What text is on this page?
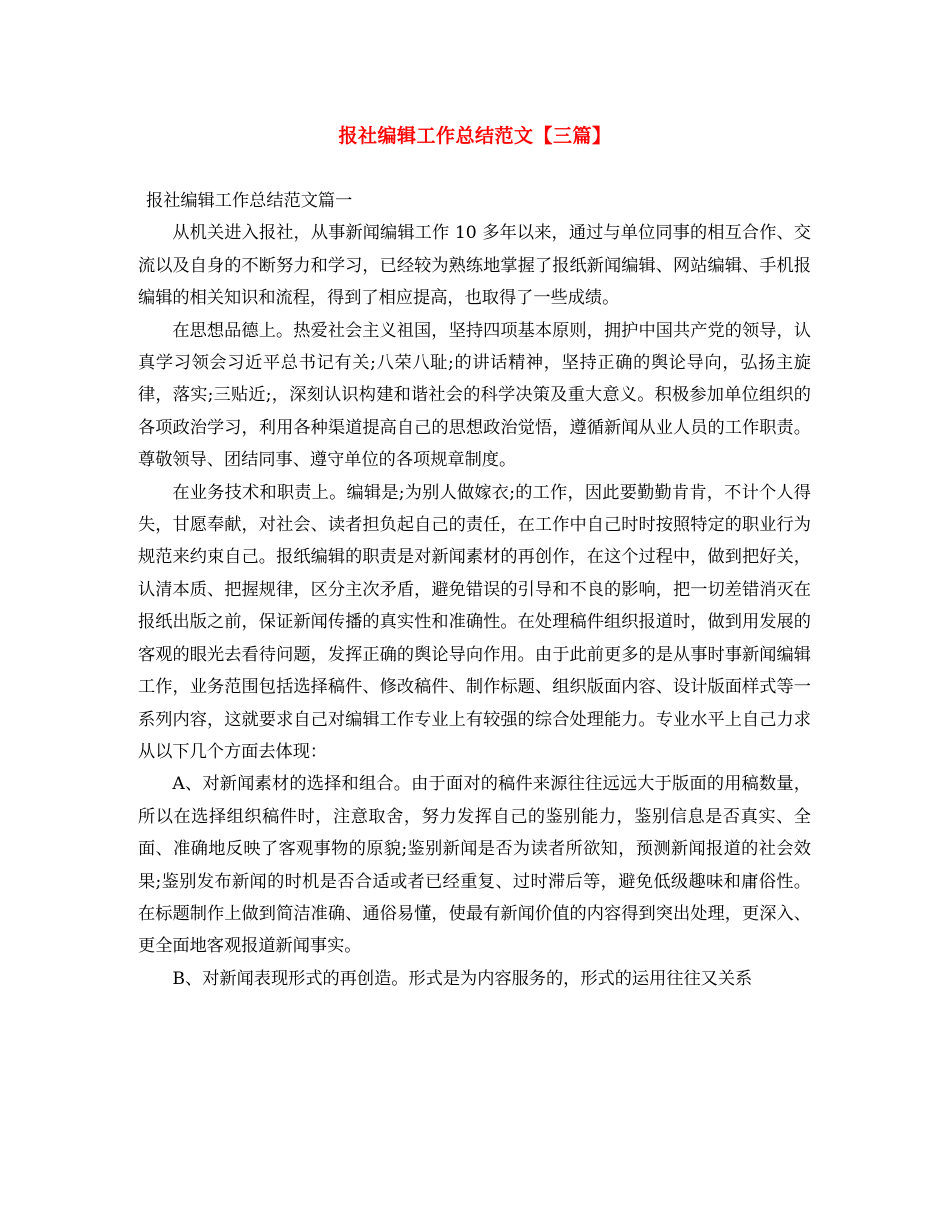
报社编辑工作总结范文【三篇】

报社编辑工作总结范文篇一

从机关进入报社，从事新闻编辑工作 10 多年以来，通过与单位同事的相互合作、交流以及自身的不断努力和学习，已经较为熟练地掌握了报纸新闻编辑、网站编辑、手机报编辑的相关知识和流程，得到了相应提高，也取得了一些成绩。

在思想品德上。热爱社会主义祖国，坚持四项基本原则，拥护中国共产党的领导，认真学习领会习近平总书记有关;八荣八耻;的讲话精神，坚持正确的舆论导向，弘扬主旋律，落实;三贴近;，深刻认识构建和谐社会的科学决策及重大意义。积极参加单位组织的各项政治学习，利用各种渠道提高自己的思想政治觉悟，遵循新闻从业人员的工作职责。尊敬领导、团结同事、遵守单位的各项规章制度。

在业务技术和职责上。编辑是;为别人做嫁衣;的工作，因此要勤勤肯肯，不计个人得失，甘愿奉献，对社会、读者担负起自己的责任，在工作中自己时时按照特定的职业行为规范来约束自己。报纸编辑的职责是对新闻素材的再创作，在这个过程中，做到把好关，认清本质、把握规律，区分主次矛盾，避免错误的引导和不良的影响，把一切差错消灭在报纸出版之前，保证新闻传播的真实性和准确性。在处理稿件组织报道时，做到用发展的客观的眼光去看待问题，发挥正确的舆论导向作用。由于此前更多的是从事时事新闻编辑工作，业务范围包括选择稿件、修改稿件、制作标题、组织版面内容、设计版面样式等一系列内容，这就要求自己对编辑工作专业上有较强的综合处理能力。专业水平上自己力求从以下几个方面去体现：

A、对新闻素材的选择和组合。由于面对的稿件来源往往远远大于版面的用稿数量，所以在选择组织稿件时，注意取舍，努力发挥自己的鉴别能力，鉴别信息是否真实、全面、准确地反映了客观事物的原貌;鉴别新闻是否为读者所欲知，预测新闻报道的社会效果;鉴别发布新闻的时机是否合适或者已经重复、过时滞后等，避免低级趣味和庸俗性。在标题制作上做到简洁准确、通俗易懂，使最有新闻价值的内容得到突出处理，更深入、更全面地客观报道新闻事实。

B、对新闻表现形式的再创造。形式是为内容服务的，形式的运用往往又关系
